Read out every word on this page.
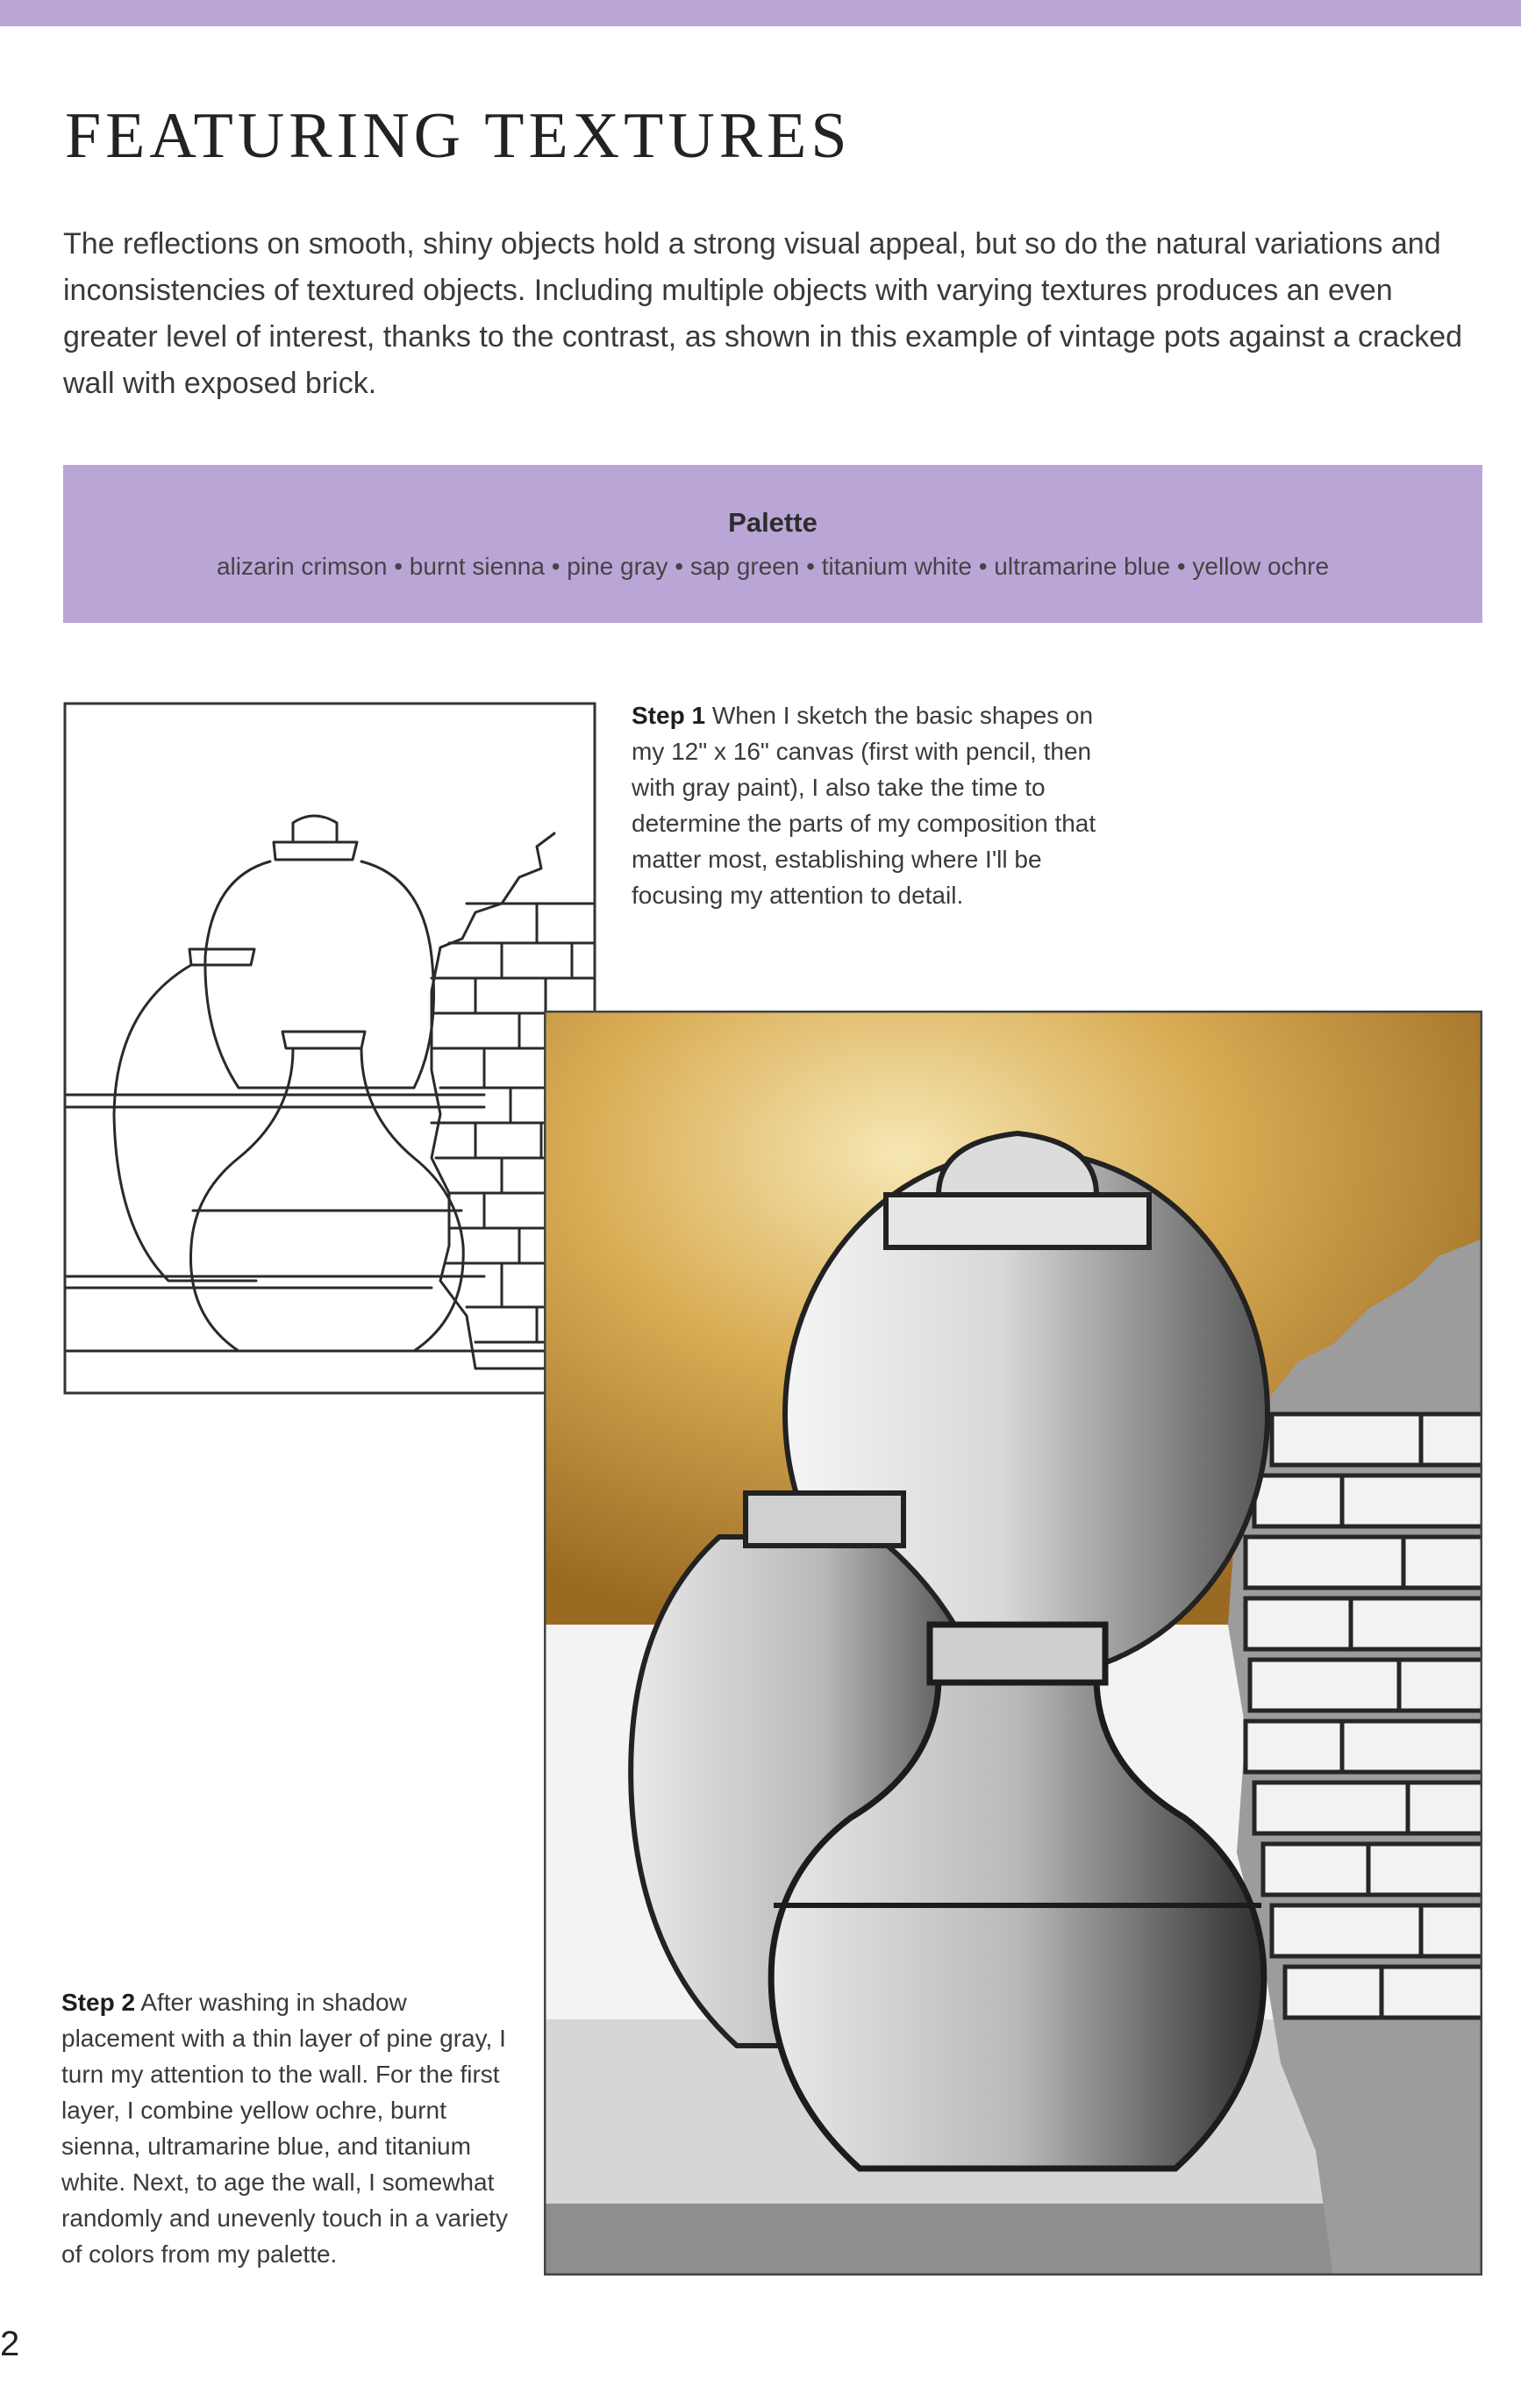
FEATURING TEXTURES

The reflections on smooth, shiny objects hold a strong visual appeal, but so do the natural variations and inconsistencies of textured objects. Including multiple objects with varying textures produces an even greater level of interest, thanks to the contrast, as shown in this example of vintage pots against a cracked wall with exposed brick.

Palette
alizarin crimson • burnt sienna • pine gray • sap green • titanium white • ultramarine blue • yellow ochre
Step 1 When I sketch the basic shapes on my 12" x 16" canvas (first with pencil, then with gray paint), I also take the time to determine the parts of my composition that matter most, establishing where I'll be focusing my attention to detail.
Step 2 After washing in shadow placement with a thin layer of pine gray, I turn my attention to the wall. For the first layer, I combine yellow ochre, burnt sienna, ultramarine blue, and titanium white. Next, to age the wall, I somewhat randomly and unevenly touch in a variety of colors from my palette.
2
